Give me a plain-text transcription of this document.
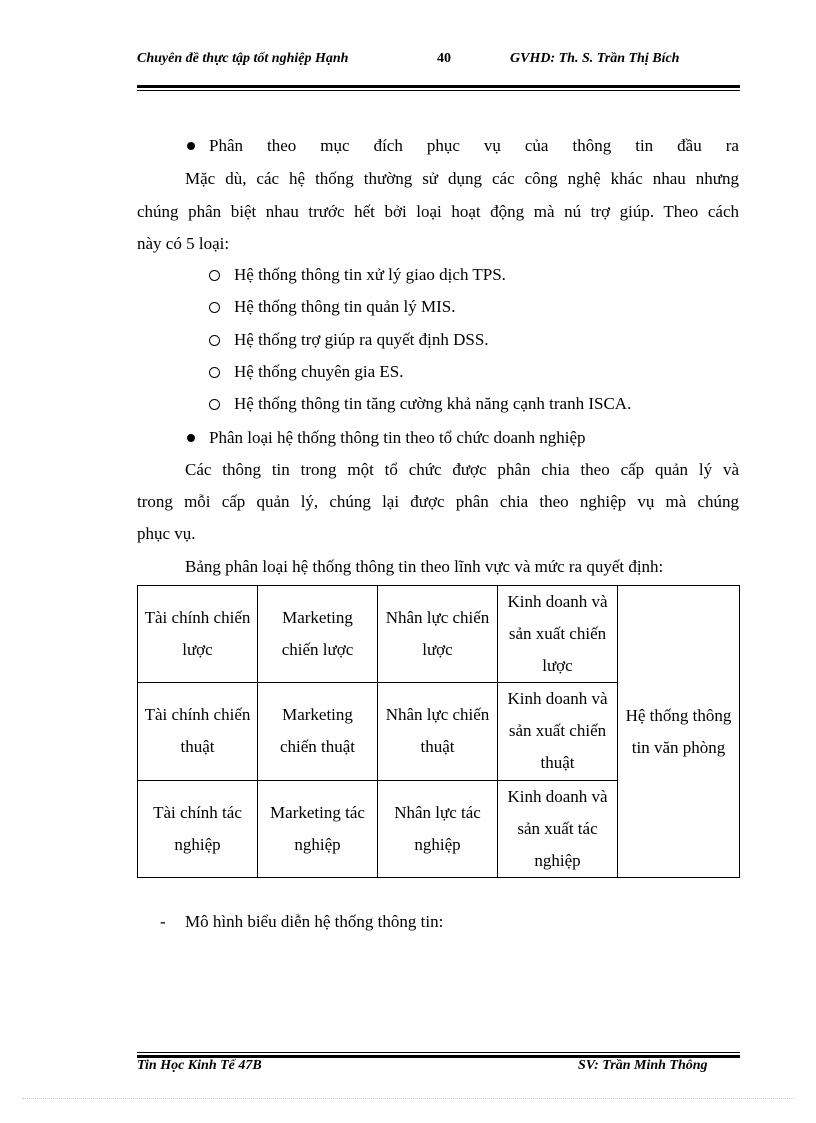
Chuyên đề thực tập tốt nghiệp Hạnh	40	GVHD: Th. S. Trần Thị Bích
Phân theo mục đích phục vụ của thông tin đầu ra
Mặc dù, các hệ thống thường sử dụng các công nghệ khác nhau nhưng
chúng phân biệt nhau trước hết bởi loại hoạt động mà nú trợ giúp. Theo cách
này có 5 loại:
Hệ thống thông tin xử lý giao dịch TPS.
Hệ thống thông tin quản lý MIS.
Hệ thống trợ giúp ra quyết định DSS.
Hệ thống chuyên gia ES.
Hệ thống thông tin tăng cường khả năng cạnh tranh ISCA.
Phân loại hệ thống thông tin theo tổ chức doanh nghiệp
Các thông tin trong một tổ chức được phân chia theo cấp quản lý và
trong mỗi cấp quản lý, chúng lại được phân chia theo nghiệp vụ mà chúng
phục vụ.
Bảng phân loại hệ thống thông tin theo lĩnh vực và mức ra quyết định:
Tài chính chiến lược	Marketing chiến lược	Nhân lực chiến lược	Kinh doanh và sản xuất chiến lược	Hệ thống thông tin văn phòng
Tài chính chiến thuật	Marketing chiến thuật	Nhân lực chiến thuật	Kinh doanh và sản xuất chiến thuật	
Tài chính tác nghiệp	Marketing tác nghiệp	Nhân lực tác nghiệp	Kinh doanh và sản xuất tác nghiệp	
- Mô hình biểu diễn hệ thống thông tin:
Tin Học Kinh Tế 47B	SV: Trần Minh Thông
